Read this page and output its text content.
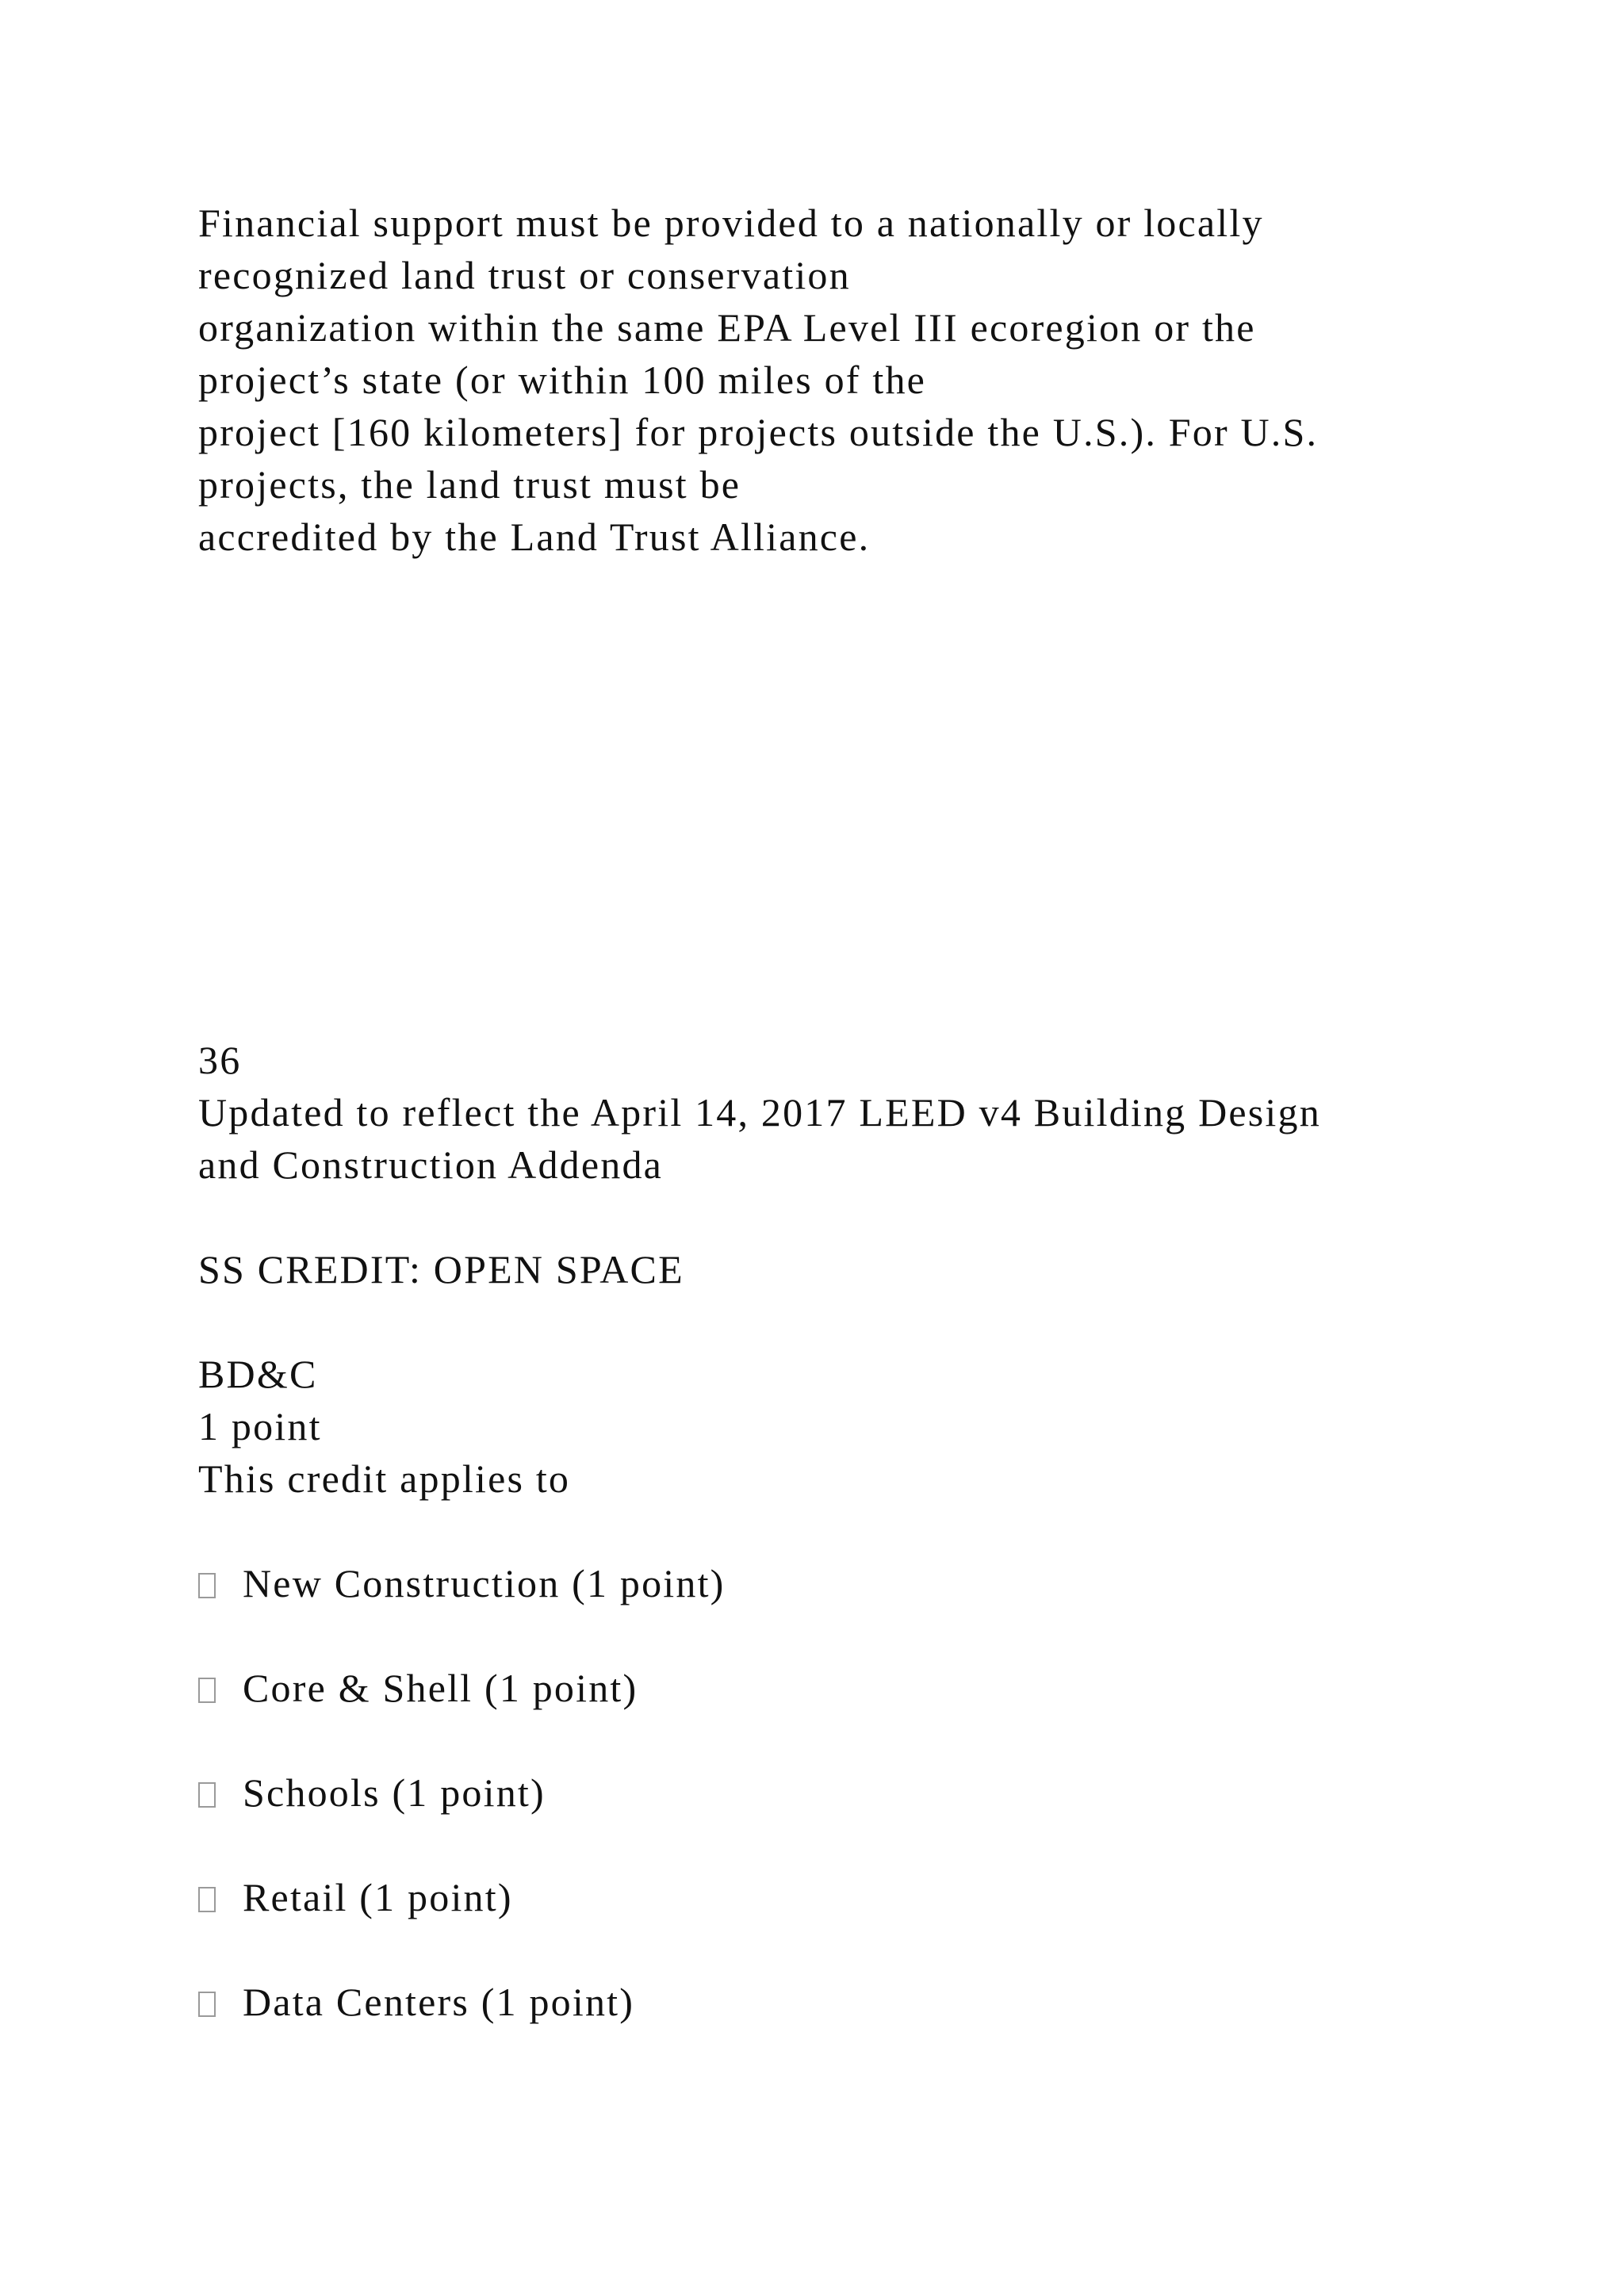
Financial support must be provided to a nationally or locally

recognized land trust or conservation

organization within the same EPA Level III ecoregion or the

project’s state (or within 100 miles of the

project [160 kilometers] for projects outside the U.S.). For U.S.

projects, the land trust must be

accredited by the Land Trust Alliance.

36

Updated to reflect the April 14, 2017 LEED v4 Building Design

and Construction Addenda

SS CREDIT: OPEN SPACE

BD&C

1 point

This credit applies to

New Construction (1 point)

Core & Shell (1 point)

Schools (1 point)

Retail (1 point)

Data Centers (1 point)
